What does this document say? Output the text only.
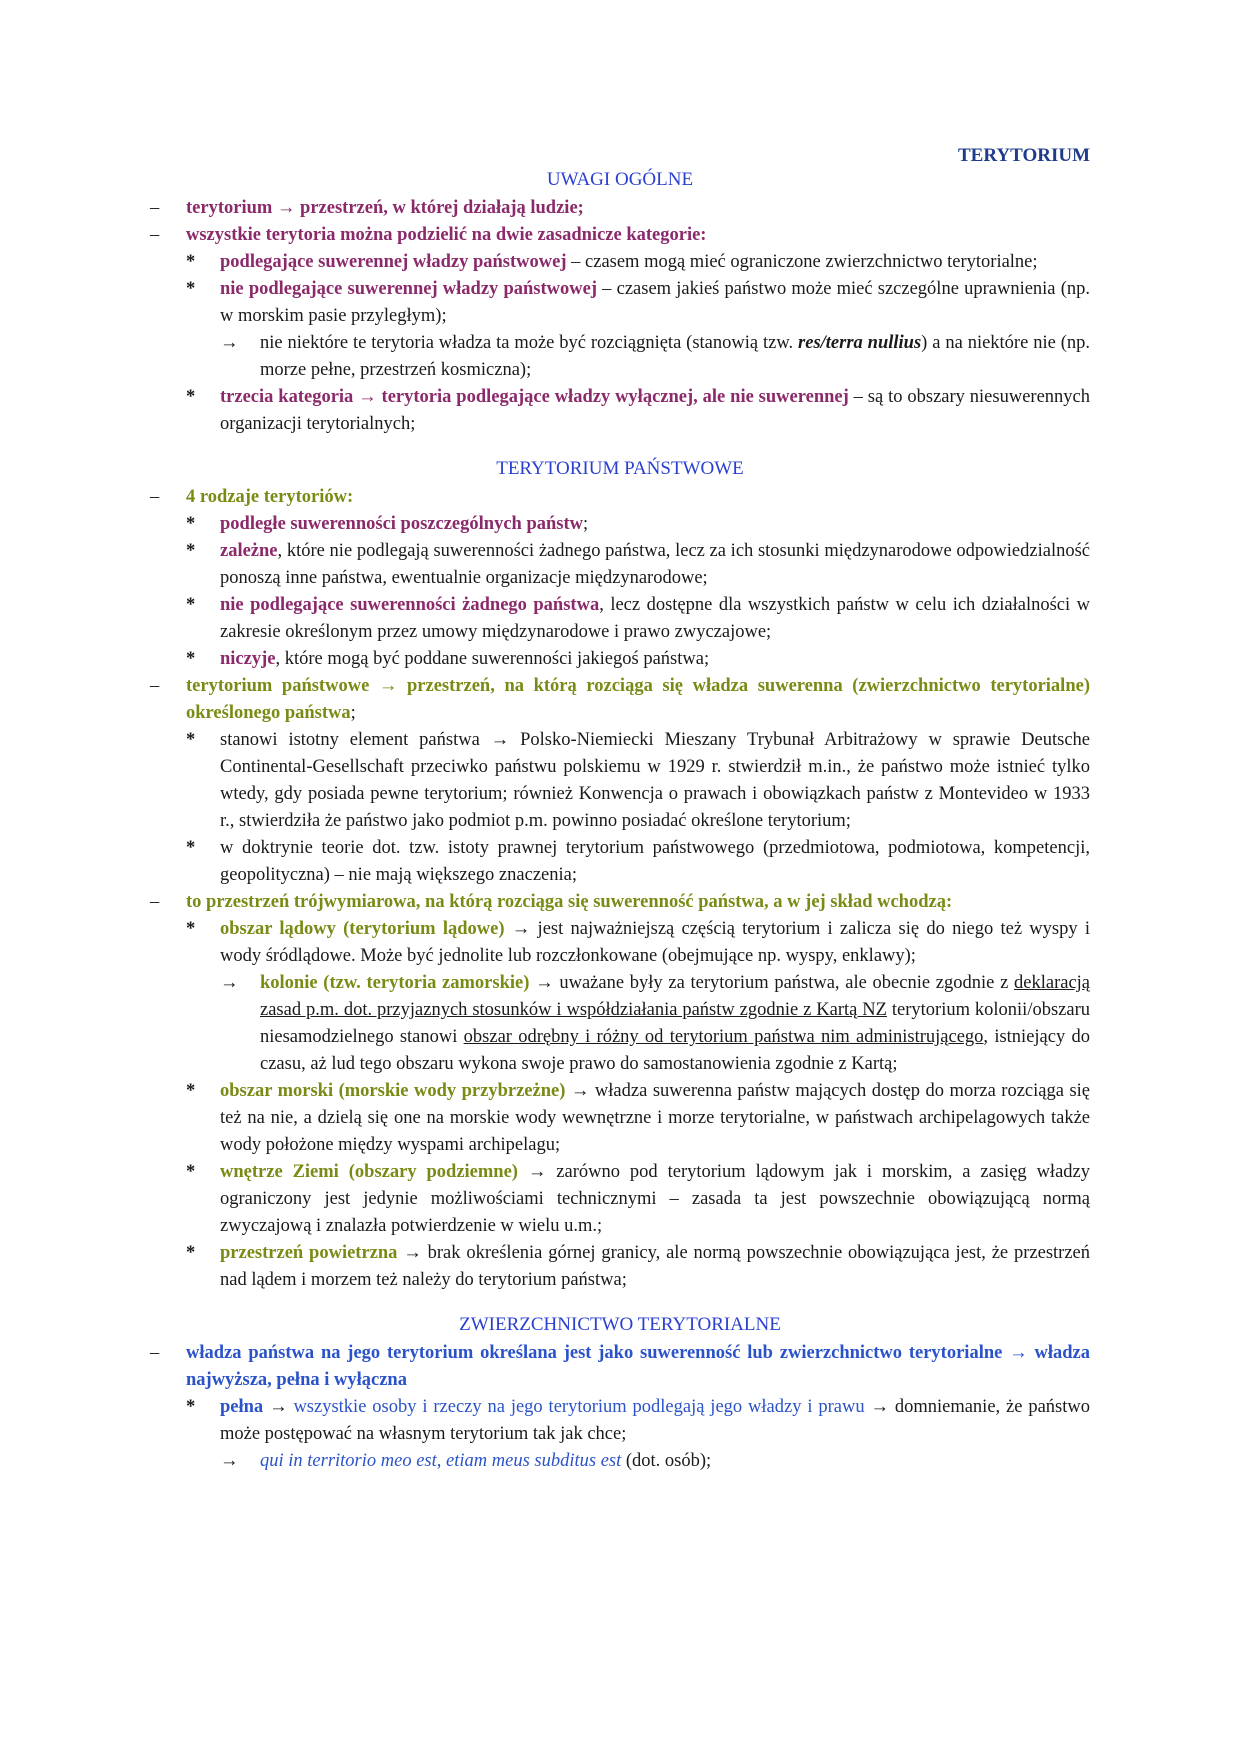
TERYTORIUM
UWAGI OGÓLNE
– terytorium → przestrzeń, w której działają ludzie;
– wszystkie terytoria można podzielić na dwie zasadnicze kategorie:
* podlegające suwerennej władzy państwowej – czasem mogą mieć ograniczone zwierzchnictwo terytorialne;
* nie podlegające suwerennej władzy państwowej – czasem jakieś państwo może mieć szczególne uprawnienia (np. w morskim pasie przyległym);
→ nie niektóre te terytoria władza ta może być rozciągnięta (stanowią tzw. res/terra nullius) a na niektóre nie (np. morze pełne, przestrzeń kosmiczna);
* trzecia kategoria → terytoria podlegające władzy wyłącznej, ale nie suwerennej – są to obszary niesuwerennych organizacji terytorialnych;
TERYTORIUM PAŃSTWOWE
– 4 rodzaje terytoriów:
* podległe suwerenności poszczególnych państw;
* zależne, które nie podlegają suwerenności żadnego państwa, lecz za ich stosunki międzynarodowe odpowiedzialność ponoszą inne państwa, ewentualnie organizacje międzynarodowe;
* nie podlegające suwerenności żadnego państwa, lecz dostępne dla wszystkich państw w celu ich działalności w zakresie określonym przez umowy międzynarodowe i prawo zwyczajowe;
* niczyje, które mogą być poddane suwerenności jakiegoś państwa;
– terytorium państwowe → przestrzeń, na którą rozciąga się władza suwerenna (zwierzchnictwo terytorialne) określonego państwa;
* stanowi istotny element państwa → Polsko-Niemiecki Mieszany Trybunał Arbitrażowy w sprawie Deutsche Continental-Gesellschaft przeciwko państwu polskiemu w 1929 r. stwierdził m.in., że państwo może istnieć tylko wtedy, gdy posiada pewne terytorium; również Konwencja o prawach i obowiązkach państw z Montevideo w 1933 r., stwierdziła że państwo jako podmiot p.m. powinno posiadać określone terytorium;
* w doktrynie teorie dot. tzw. istoty prawnej terytorium państwowego (przedmiotowa, podmiotowa, kompetencji, geopolityczna) – nie mają większego znaczenia;
– to przestrzeń trójwymiarowa, na którą rozciąga się suwerenność państwa, a w jej skład wchodzą:
* obszar lądowy (terytorium lądowe) → jest najważniejszą częścią terytorium i zalicza się do niego też wyspy i wody śródlądowe. Może być jednolite lub rozczłonkowane (obejmujące np. wyspy, enklawy);
→ kolonie (tzw. terytoria zamorskie) → uważane były za terytorium państwa, ale obecnie zgodnie z deklaracją zasad p.m. dot. przyjaznych stosunków i współdziałania państw zgodnie z Kartą NZ terytorium kolonii/obszaru niesamodzielnego stanowi obszar odrębny i różny od terytorium państwa nim administrującego, istniejący do czasu, aż lud tego obszaru wykona swoje prawo do samostanowienia zgodnie z Kartą;
* obszar morski (morskie wody przybrzeżne) → władza suwerenna państw mających dostęp do morza rozciąga się też na nie, a dzielą się one na morskie wody wewnętrzne i morze terytorialne, w państwach archipelagowych także wody położone między wyspami archipelagu;
* wnętrze Ziemi (obszary podziemne) → zarówno pod terytorium lądowym jak i morskim, a zasięg władzy ograniczony jest jedynie możliwościami technicznymi – zasada ta jest powszechnie obowiązującą normą zwyczajową i znalazła potwierdzenie w wielu u.m.;
* przestrzeń powietrzna → brak określenia górnej granicy, ale normą powszechnie obowiązująca jest, że przestrzeń nad lądem i morzem też należy do terytorium państwa;
ZWIERZCHNICTWO TERYTORIALNE
– władza państwa na jego terytorium określana jest jako suwerenność lub zwierzchnictwo terytorialne → władza najwyższa, pełna i wyłączna
* pełna → wszystkie osoby i rzeczy na jego terytorium podlegają jego władzy i prawu → domniemanie, że państwo może postępować na własnym terytorium tak jak chce;
→ qui in territorio meo est, etiam meus subditus est (dot. osób);
